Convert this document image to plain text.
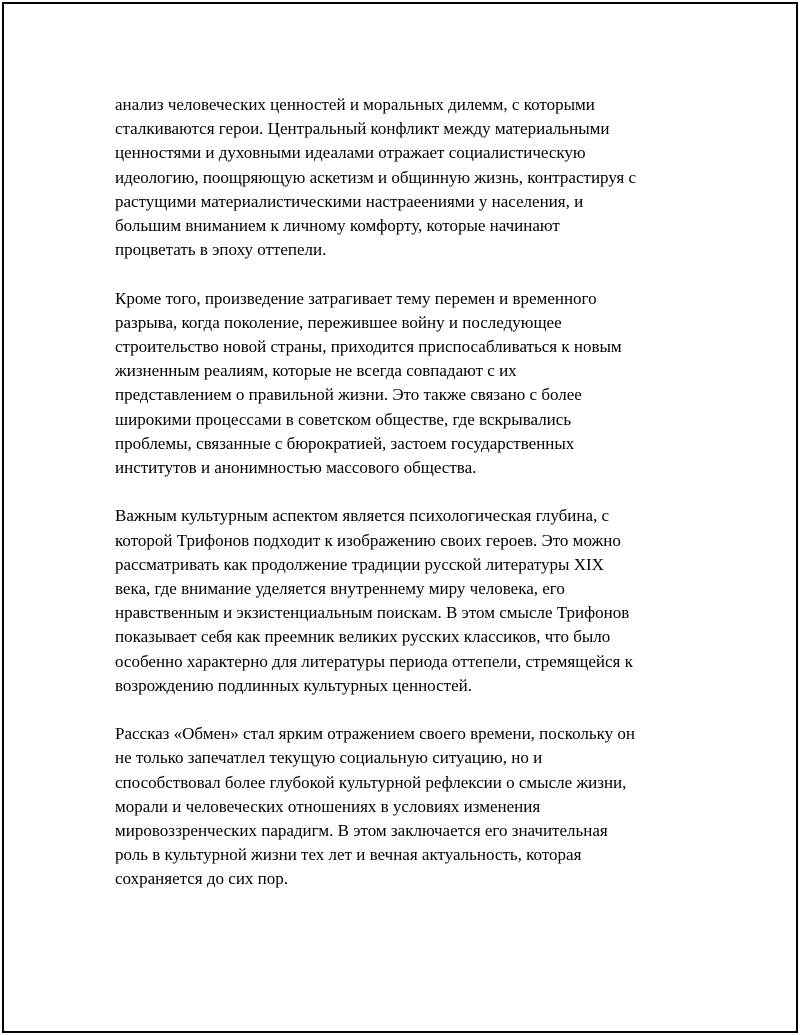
анализ человеческих ценностей и моральных дилемм, с которыми
сталкиваются герои. Центральный конфликт между материальными
ценностями и духовными идеалами отражает социалистическую
идеологию, поощряющую аскетизм и общинную жизнь, контрастируя с
растущими материалистическими настраеениями у населения, и
большим вниманием к личному комфорту, которые начинают
процветать в эпоху оттепели.
Кроме того, произведение затрагивает тему перемен и временного
разрыва, когда поколение, пережившее войну и последующее
строительство новой страны, приходится приспосабливаться к новым
жизненным реалиям, которые не всегда совпадают с их
представлением о правильной жизни. Это также связано с более
широкими процессами в советском обществе, где вскрывались
проблемы, связанные с бюрократией, застоем государственных
институтов и анонимностью массового общества.
Важным культурным аспектом является психологическая глубина, с
которой Трифонов подходит к изображению своих героев. Это можно
рассматривать как продолжение традиции русской литературы XIX
века, где внимание уделяется внутреннему миру человека, его
нравственным и экзистенциальным поискам. В этом смысле Трифонов
показывает себя как преемник великих русских классиков, что было
особенно характерно для литературы периода оттепели, стремящейся к
возрождению подлинных культурных ценностей.
Рассказ «Обмен» стал ярким отражением своего времени, поскольку он
не только запечатлел текущую социальную ситуацию, но и
способствовал более глубокой культурной рефлексии о смысле жизни,
морали и человеческих отношениях в условиях изменения
мировоззренческих парадигм. В этом заключается его значительная
роль в культурной жизни тех лет и вечная актуальность, которая
сохраняется до сих пор.
